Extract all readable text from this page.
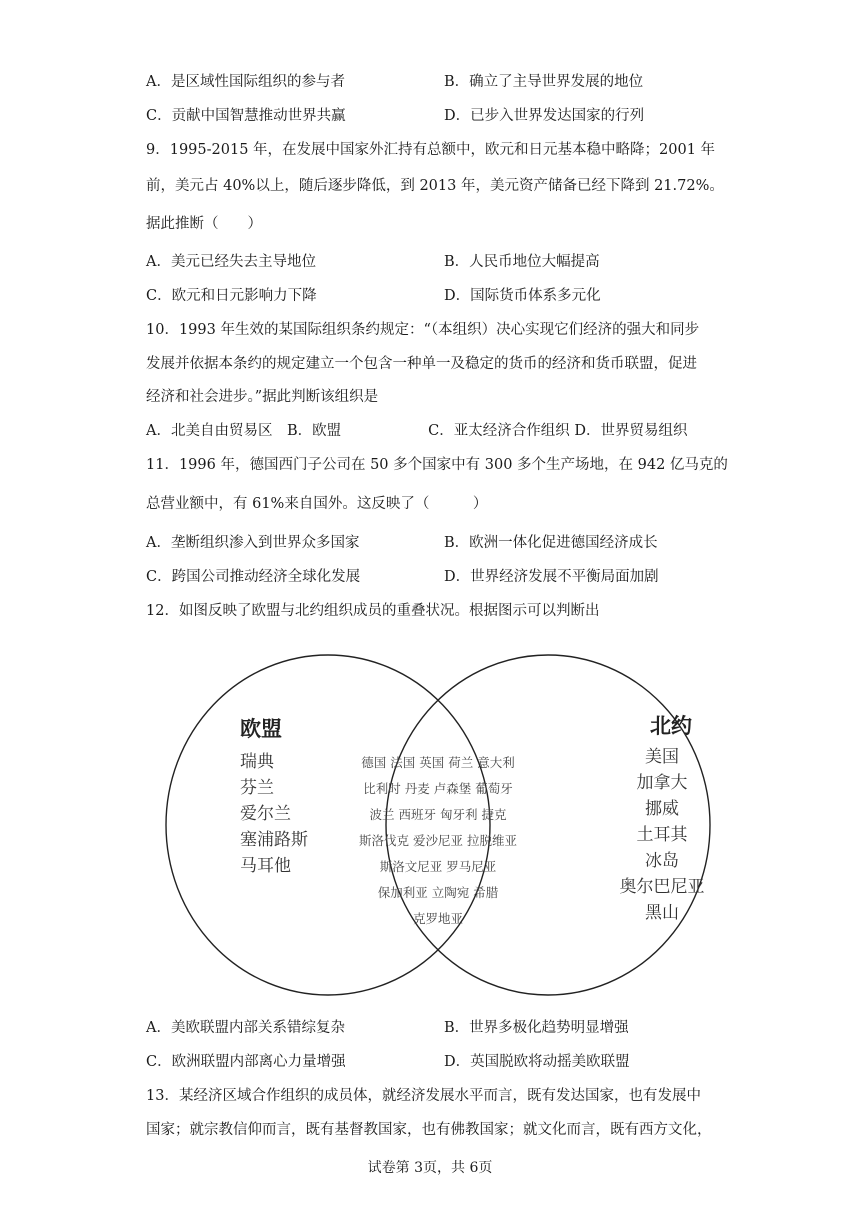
A．是区域性国际组织的参与者	B．确立了主导世界发展的地位
C．贡献中国智慧推动世界共赢	D．已步入世界发达国家的行列
9．1995-2015 年，在发展中国家外汇持有总额中，欧元和日元基本稳中略降；2001 年
前，美元占 40%以上，随后逐步降低，到 2013 年，美元资产储备已经下降到 21.72%。
据此推断（　　）
A．美元已经失去主导地位	B．人民币地位大幅提高
C．欧元和日元影响力下降	D．国际货币体系多元化
10．1993 年生效的某国际组织条约规定：“（本组织）决心实现它们经济的强大和同步
发展并依据本条约的规定建立一个包含一种单一及稳定的货币的经济和货币联盟，促进
经济和社会进步。”据此判断该组织是
A．北美自由贸易区　B．欧盟　　　　　　C．亚太经济合作组织 D．世界贸易组织
11．1996 年，德国西门子公司在 50 多个国家中有 300 多个生产场地，在 942 亿马克的
总营业额中，有 61%来自国外。这反映了（　　　）
A．垄断组织渗入到世界众多国家	B．欧洲一体化促进德国经济成长
C．跨国公司推动经济全球化发展	D．世界经济发展不平衡局面加剧
12．如图反映了欧盟与北约组织成员的重叠状况。根据图示可以判断出
欧盟
瑞典
芬兰
爱尔兰
塞浦路斯
马耳他
德国 法国 英国 荷兰 意大利
比利时 丹麦 卢森堡 葡萄牙
波兰 西班牙 匈牙利 捷克
斯洛伐克 爱沙尼亚 拉脱维亚
斯洛文尼亚 罗马尼亚
保加利亚 立陶宛 希腊
克罗地亚
北约
美国
加拿大
挪威
土耳其
冰岛
奥尔巴尼亚
黑山
A．美欧联盟内部关系错综复杂	B．世界多极化趋势明显增强
C．欧洲联盟内部离心力量增强	D．英国脱欧将动摇美欧联盟
13．某经济区域合作组织的成员体，就经济发展水平而言，既有发达国家，也有发展中
国家；就宗教信仰而言，既有基督教国家，也有佛教国家；就文化而言，既有西方文化，
试卷第 3页，共 6页
